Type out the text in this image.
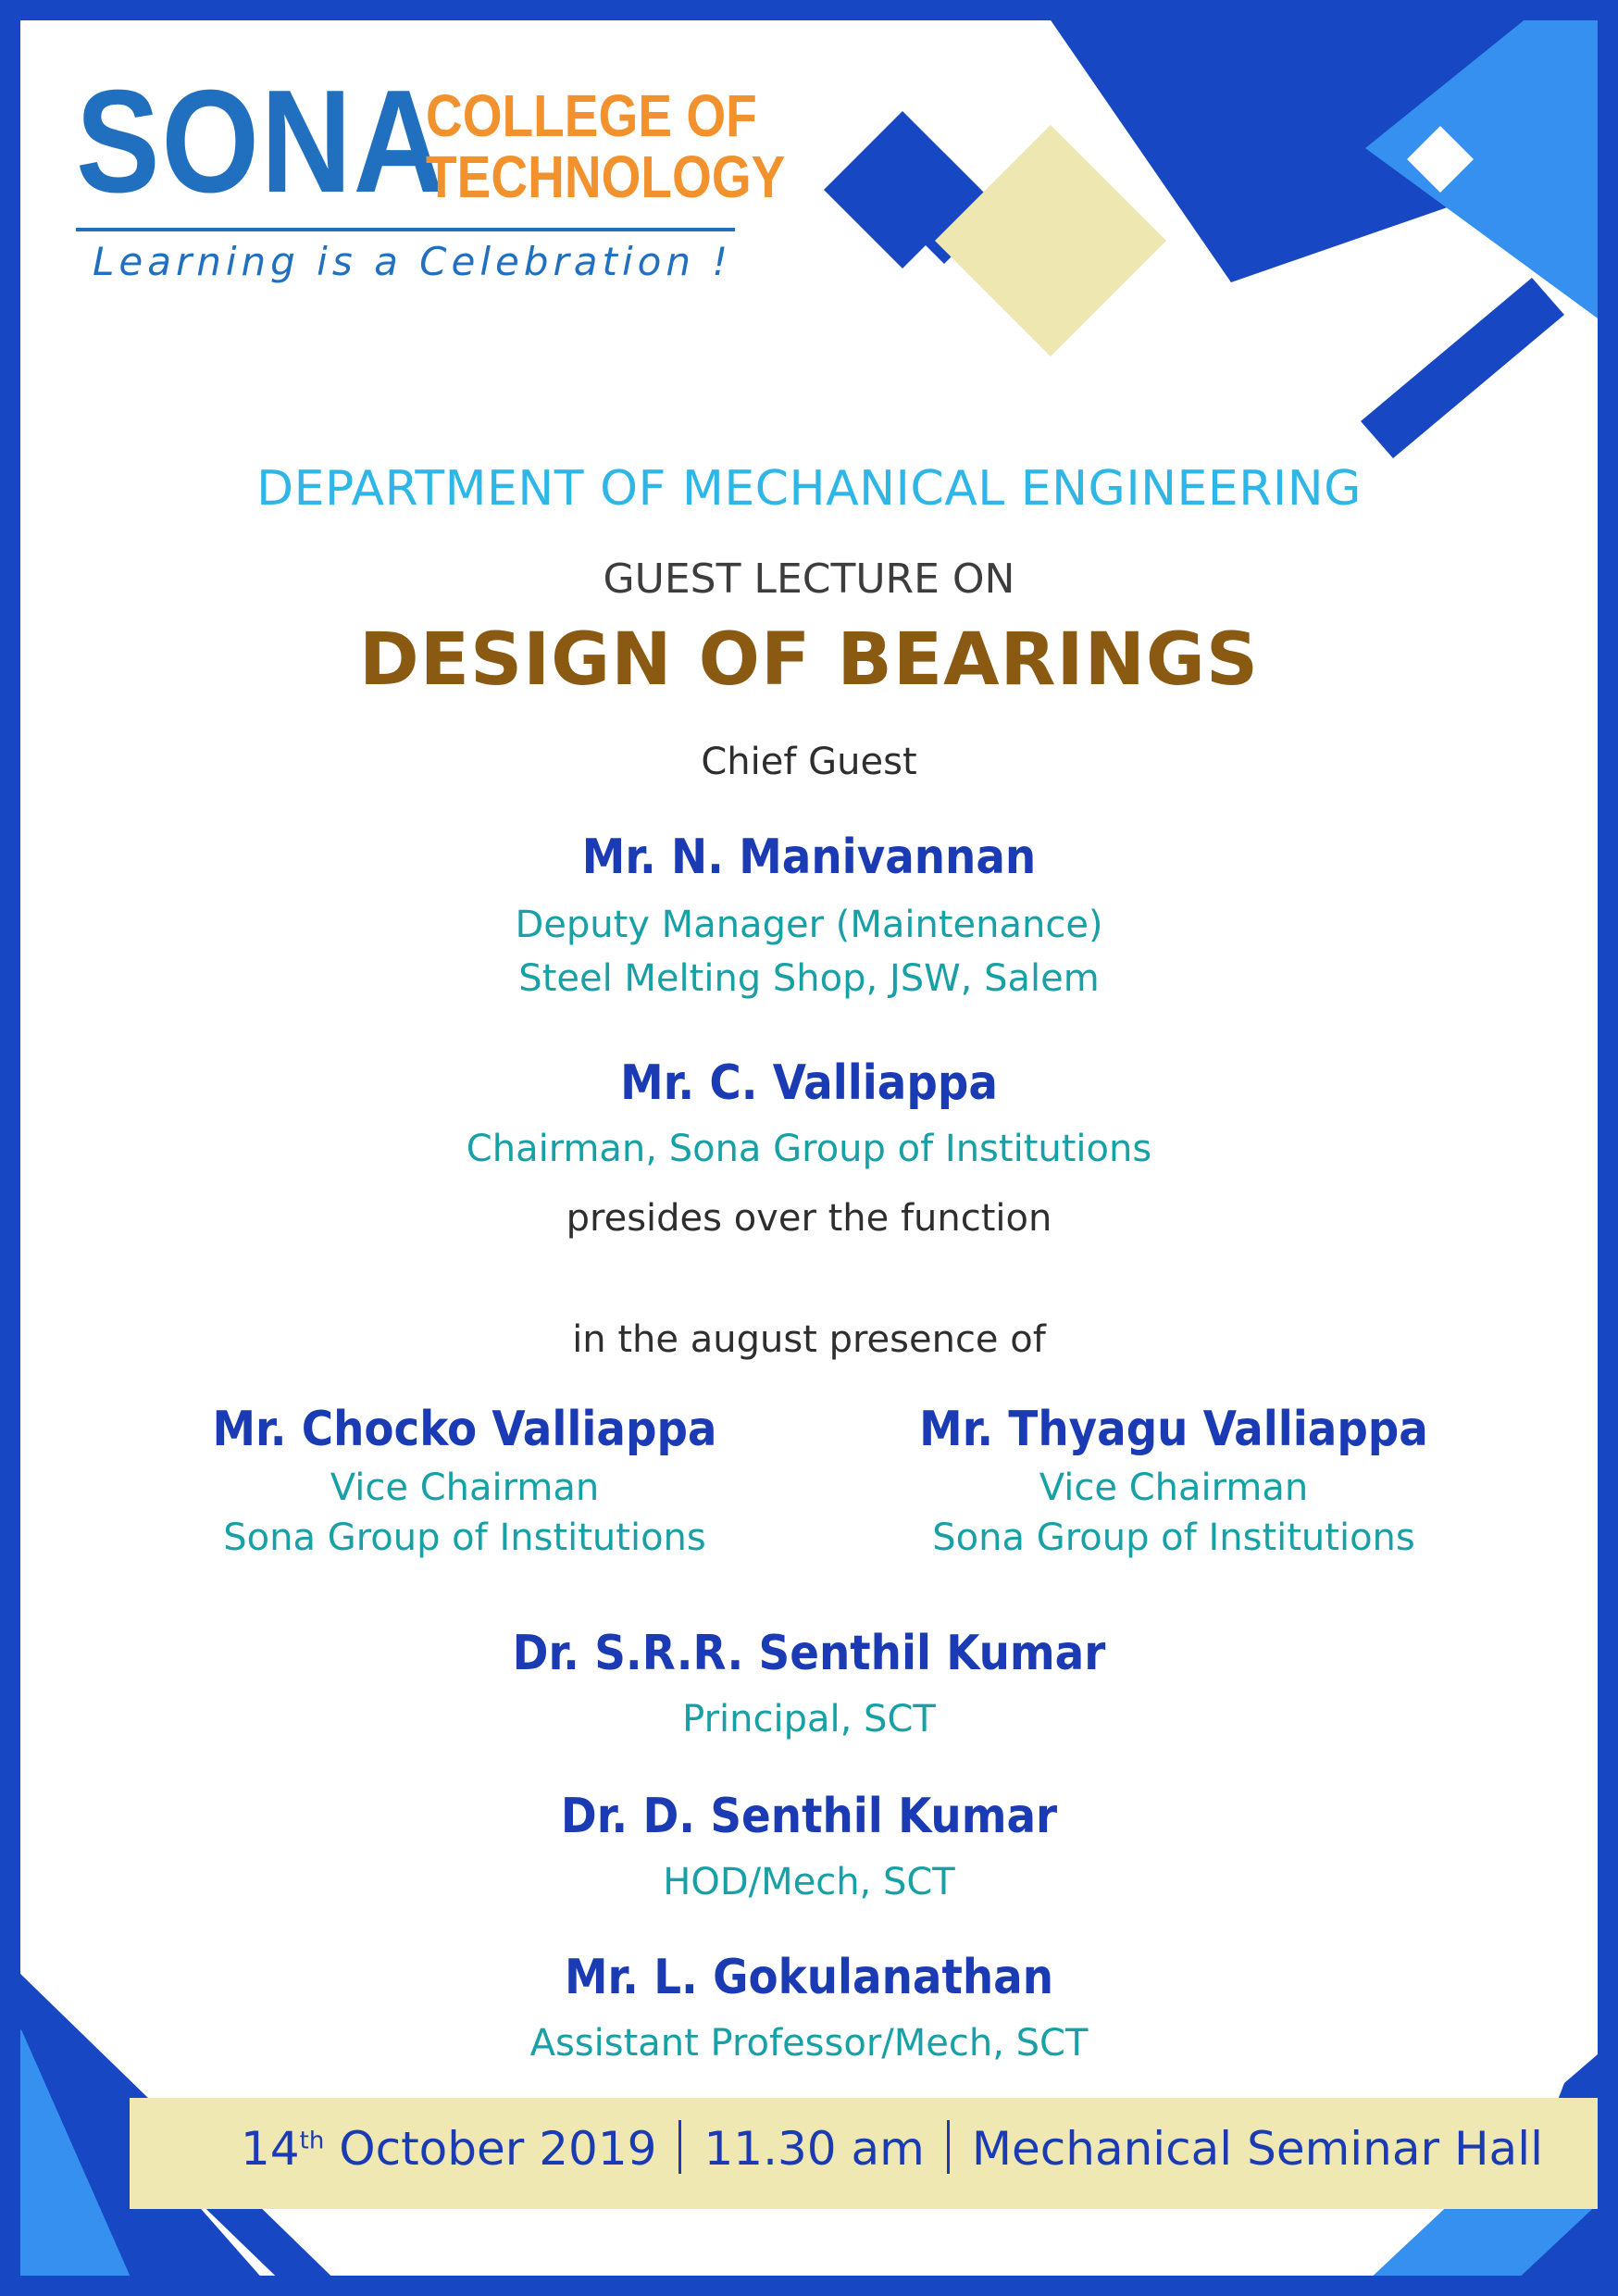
SONA
COLLEGE OF
TECHNOLOGY
Learning is a Celebration !
DEPARTMENT OF MECHANICAL ENGINEERING
GUEST LECTURE ON
DESIGN OF BEARINGS
Chief Guest
Mr. N. Manivannan
Deputy Manager (Maintenance)
Steel Melting Shop, JSW, Salem
Mr. C. Valliappa
Chairman, Sona Group of Institutions
presides over the function
in the august presence of
Mr. Chocko Valliappa
Vice Chairman
Sona Group of Institutions
Mr. Thyagu Valliappa
Vice Chairman
Sona Group of Institutions
Dr. S.R.R. Senthil Kumar
Principal, SCT
Dr. D. Senthil Kumar
HOD/Mech, SCT
Mr. L. Gokulanathan
Assistant Professor/Mech, SCT
14th October 2019 11.30 am Mechanical Seminar Hall
